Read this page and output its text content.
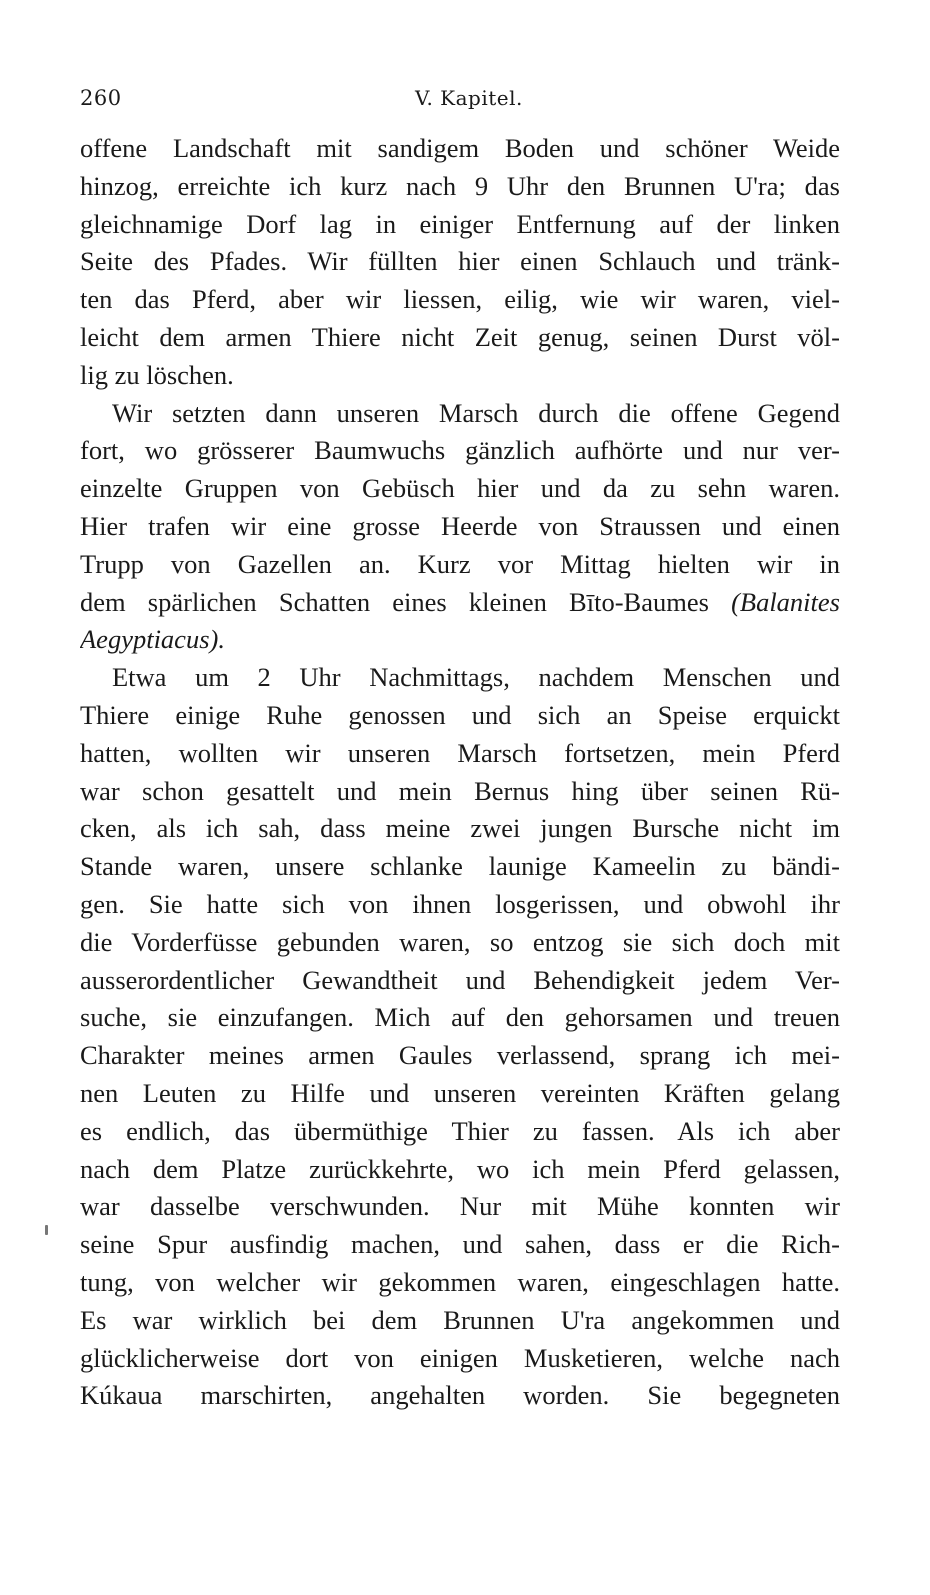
260	V. Kapitel.
offene Landschaft mit sandigem Boden und schöner Weide
hinzog, erreichte ich kurz nach 9 Uhr den Brunnen U'ra; das
gleichnamige Dorf lag in einiger Entfernung auf der linken
Seite des Pfades. Wir füllten hier einen Schlauch und tränk-
ten das Pferd, aber wir liessen, eilig, wie wir waren, viel-
leicht dem armen Thiere nicht Zeit genug, seinen Durst völ-
lig zu löschen.
Wir setzten dann unseren Marsch durch die offene Gegend
fort, wo grösserer Baumwuchs gänzlich aufhörte und nur ver-
einzelte Gruppen von Gebüsch hier und da zu sehn waren.
Hier trafen wir eine grosse Heerde von Straussen und einen
Trupp von Gazellen an. Kurz vor Mittag hielten wir in
dem spärlichen Schatten eines kleinen Bīto-Baumes (Balanites
Aegyptiacus).
Etwa um 2 Uhr Nachmittags, nachdem Menschen und
Thiere einige Ruhe genossen und sich an Speise erquickt
hatten, wollten wir unseren Marsch fortsetzen, mein Pferd
war schon gesattelt und mein Bernus hing über seinen Rü-
cken, als ich sah, dass meine zwei jungen Bursche nicht im
Stande waren, unsere schlanke launige Kameelin zu bändi-
gen. Sie hatte sich von ihnen losgerissen, und obwohl ihr
die Vorderfüsse gebunden waren, so entzog sie sich doch mit
ausserordentlicher Gewandtheit und Behendigkeit jedem Ver-
suche, sie einzufangen. Mich auf den gehorsamen und treuen
Charakter meines armen Gaules verlassend, sprang ich mei-
nen Leuten zu Hilfe und unseren vereinten Kräften gelang
es endlich, das übermüthige Thier zu fassen. Als ich aber
nach dem Platze zurückkehrte, wo ich mein Pferd gelassen,
war dasselbe verschwunden. Nur mit Mühe konnten wir
seine Spur ausfindig machen, und sahen, dass er die Rich-
tung, von welcher wir gekommen waren, eingeschlagen hatte.
Es war wirklich bei dem Brunnen U'ra angekommen und
glücklicherweise dort von einigen Musketieren, welche nach
Kúkaua marschirten, angehalten worden. Sie begegneten
